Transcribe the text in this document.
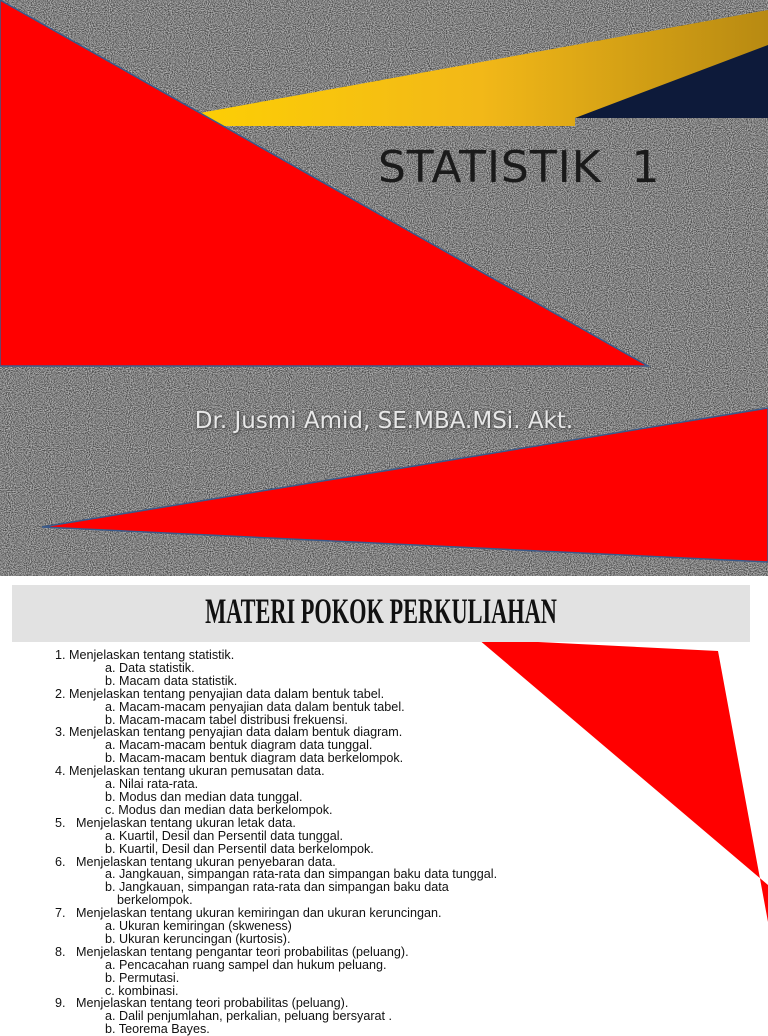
STATISTIK  1
Dr. Jusmi Amid, SE.MBA.MSi. Akt.
MATERI POKOK PERKULIAHAN
1. Menjelaskan tentang statistik.
a. Data statistik.
b. Macam data statistik.
2. Menjelaskan tentang penyajian data dalam bentuk tabel.
a. Macam-macam penyajian data dalam bentuk tabel.
b. Macam-macam tabel distribusi frekuensi.
3. Menjelaskan tentang penyajian data dalam bentuk diagram.
a. Macam-macam bentuk diagram data tunggal.
b. Macam-macam bentuk diagram data berkelompok.
4. Menjelaskan tentang ukuran pemusatan data.
a. Nilai rata-rata.
b. Modus dan median data tunggal.
c. Modus dan median data berkelompok.
5. Menjelaskan tentang ukuran letak data.
a. Kuartil, Desil dan Persentil data tunggal.
b. Kuartil, Desil dan Persentil data berkelompok.
6. Menjelaskan tentang ukuran penyebaran data.
a. Jangkauan, simpangan rata-rata dan simpangan baku data tunggal.
b. Jangkauan, simpangan rata-rata dan simpangan baku data
berkelompok.
7. Menjelaskan tentang ukuran kemiringan dan ukuran keruncingan.
a. Ukuran kemiringan (skweness)
b. Ukuran keruncingan (kurtosis).
8. Menjelaskan tentang pengantar teori probabilitas (peluang).
a. Pencacahan ruang sampel dan hukum peluang.
b. Permutasi.
c. kombinasi.
9. Menjelaskan tentang teori probabilitas (peluang).
a. Dalil penjumlahan, perkalian, peluang bersyarat .
b. Teorema Bayes.
